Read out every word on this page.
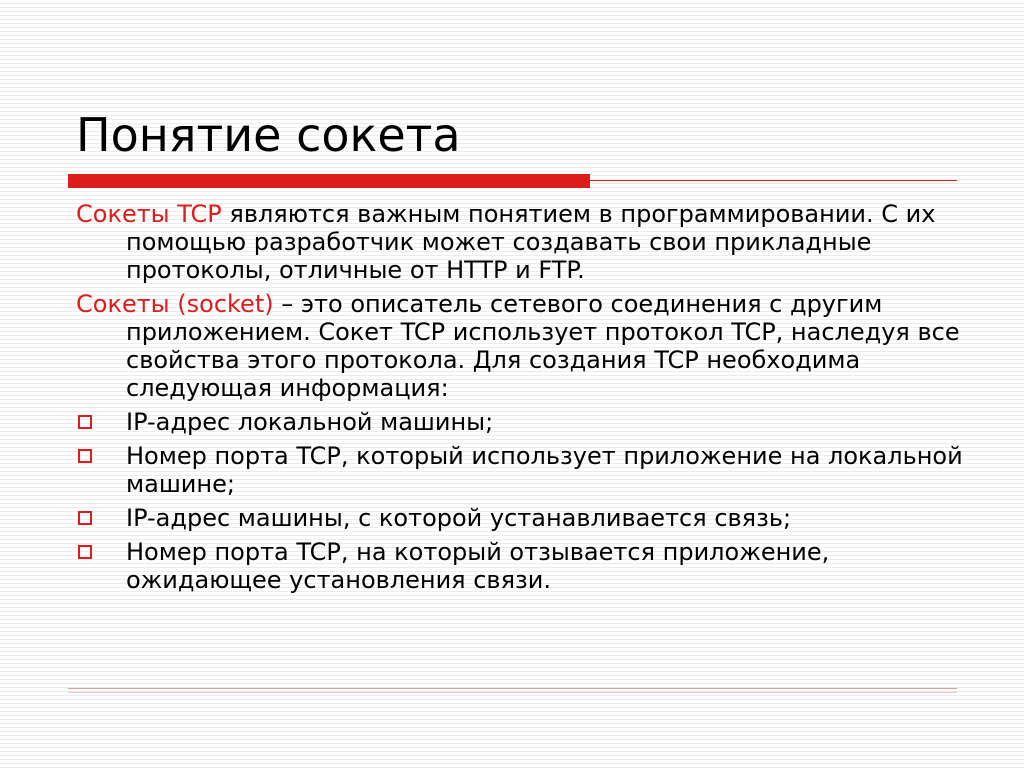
Понятие сокета
Сокеты TCP являются важным понятием в программировании. С их помощью разработчик может создавать свои прикладные протоколы, отличные от HTTP и FTP.
Сокеты (socket) – это описатель сетевого соединения с другим приложением. Сокет TCP использует протокол TCP, наследуя все свойства этого протокола. Для создания TCP необходима следующая информация:
IP-адрес локальной машины;
Номер порта TCP, который использует приложение на локальной машине;
IP-адрес машины, с которой устанавливается связь;
Номер порта TCP, на который отзывается приложение, ожидающее установления связи.
